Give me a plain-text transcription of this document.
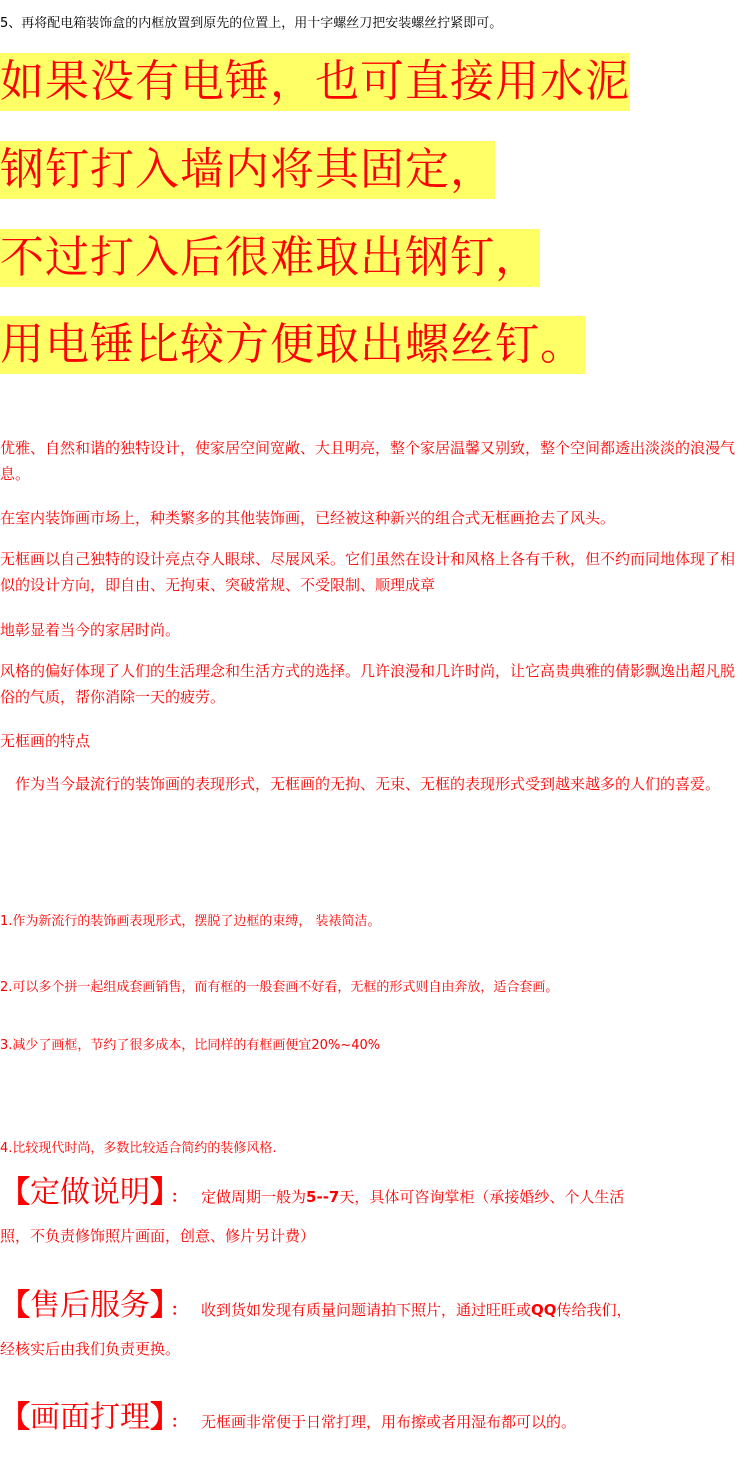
5、再将配电箱装饰盒的内框放置到原先的位置上，用十字螺丝刀把安装螺丝拧紧即可。
如果没有电锤，也可直接用水泥
钢钉打入墙内将其固定，
不过打入后很难取出钢钉，
用电锤比较方便取出螺丝钉。
优雅、自然和谐的独特设计，使家居空间宽敞、大且明亮，整个家居温馨又别致，整个空间都透出淡淡的浪漫气息。
在室内装饰画市场上，种类繁多的其他装饰画，已经被这种新兴的组合式无框画抢去了风头。
无框画以自己独特的设计亮点夺人眼球、尽展风采。它们虽然在设计和风格上各有千秋，但不约而同地体现了相似的设计方向，即自由、无拘束、突破常规、不受限制、顺理成章
地彰显着当今的家居时尚。
风格的偏好体现了人们的生活理念和生活方式的选择。几许浪漫和几许时尚，让它高贵典雅的倩影飘逸出超凡脱俗的气质，帮你消除一天的疲劳。
无框画的特点
　作为当今最流行的装饰画的表现形式，无框画的无拘、无束、无框的表现形式受到越来越多的人们的喜爱。
1.作为新流行的装饰画表现形式，摆脱了边框的束缚， 装裱简洁。
2.可以多个拼一起组成套画销售，而有框的一般套画不好看，无框的形式则自由奔放，适合套画。
3.减少了画框，节约了很多成本，比同样的有框画便宜20%~40%
4.比较现代时尚，多数比较适合简约的装修风格.
【定做说明】 ： 定做周期一般为5--7天，具体可咨询掌柜（承接婚纱、个人生活
照，不负责修饰照片画面，创意、修片另计费）
【售后服务】 ： 收到货如发现有质量问题请拍下照片，通过旺旺或QQ传给我们，
经核实后由我们负责更换。
【画面打理】 ： 无框画非常便于日常打理，用布擦或者用湿布都可以的。
